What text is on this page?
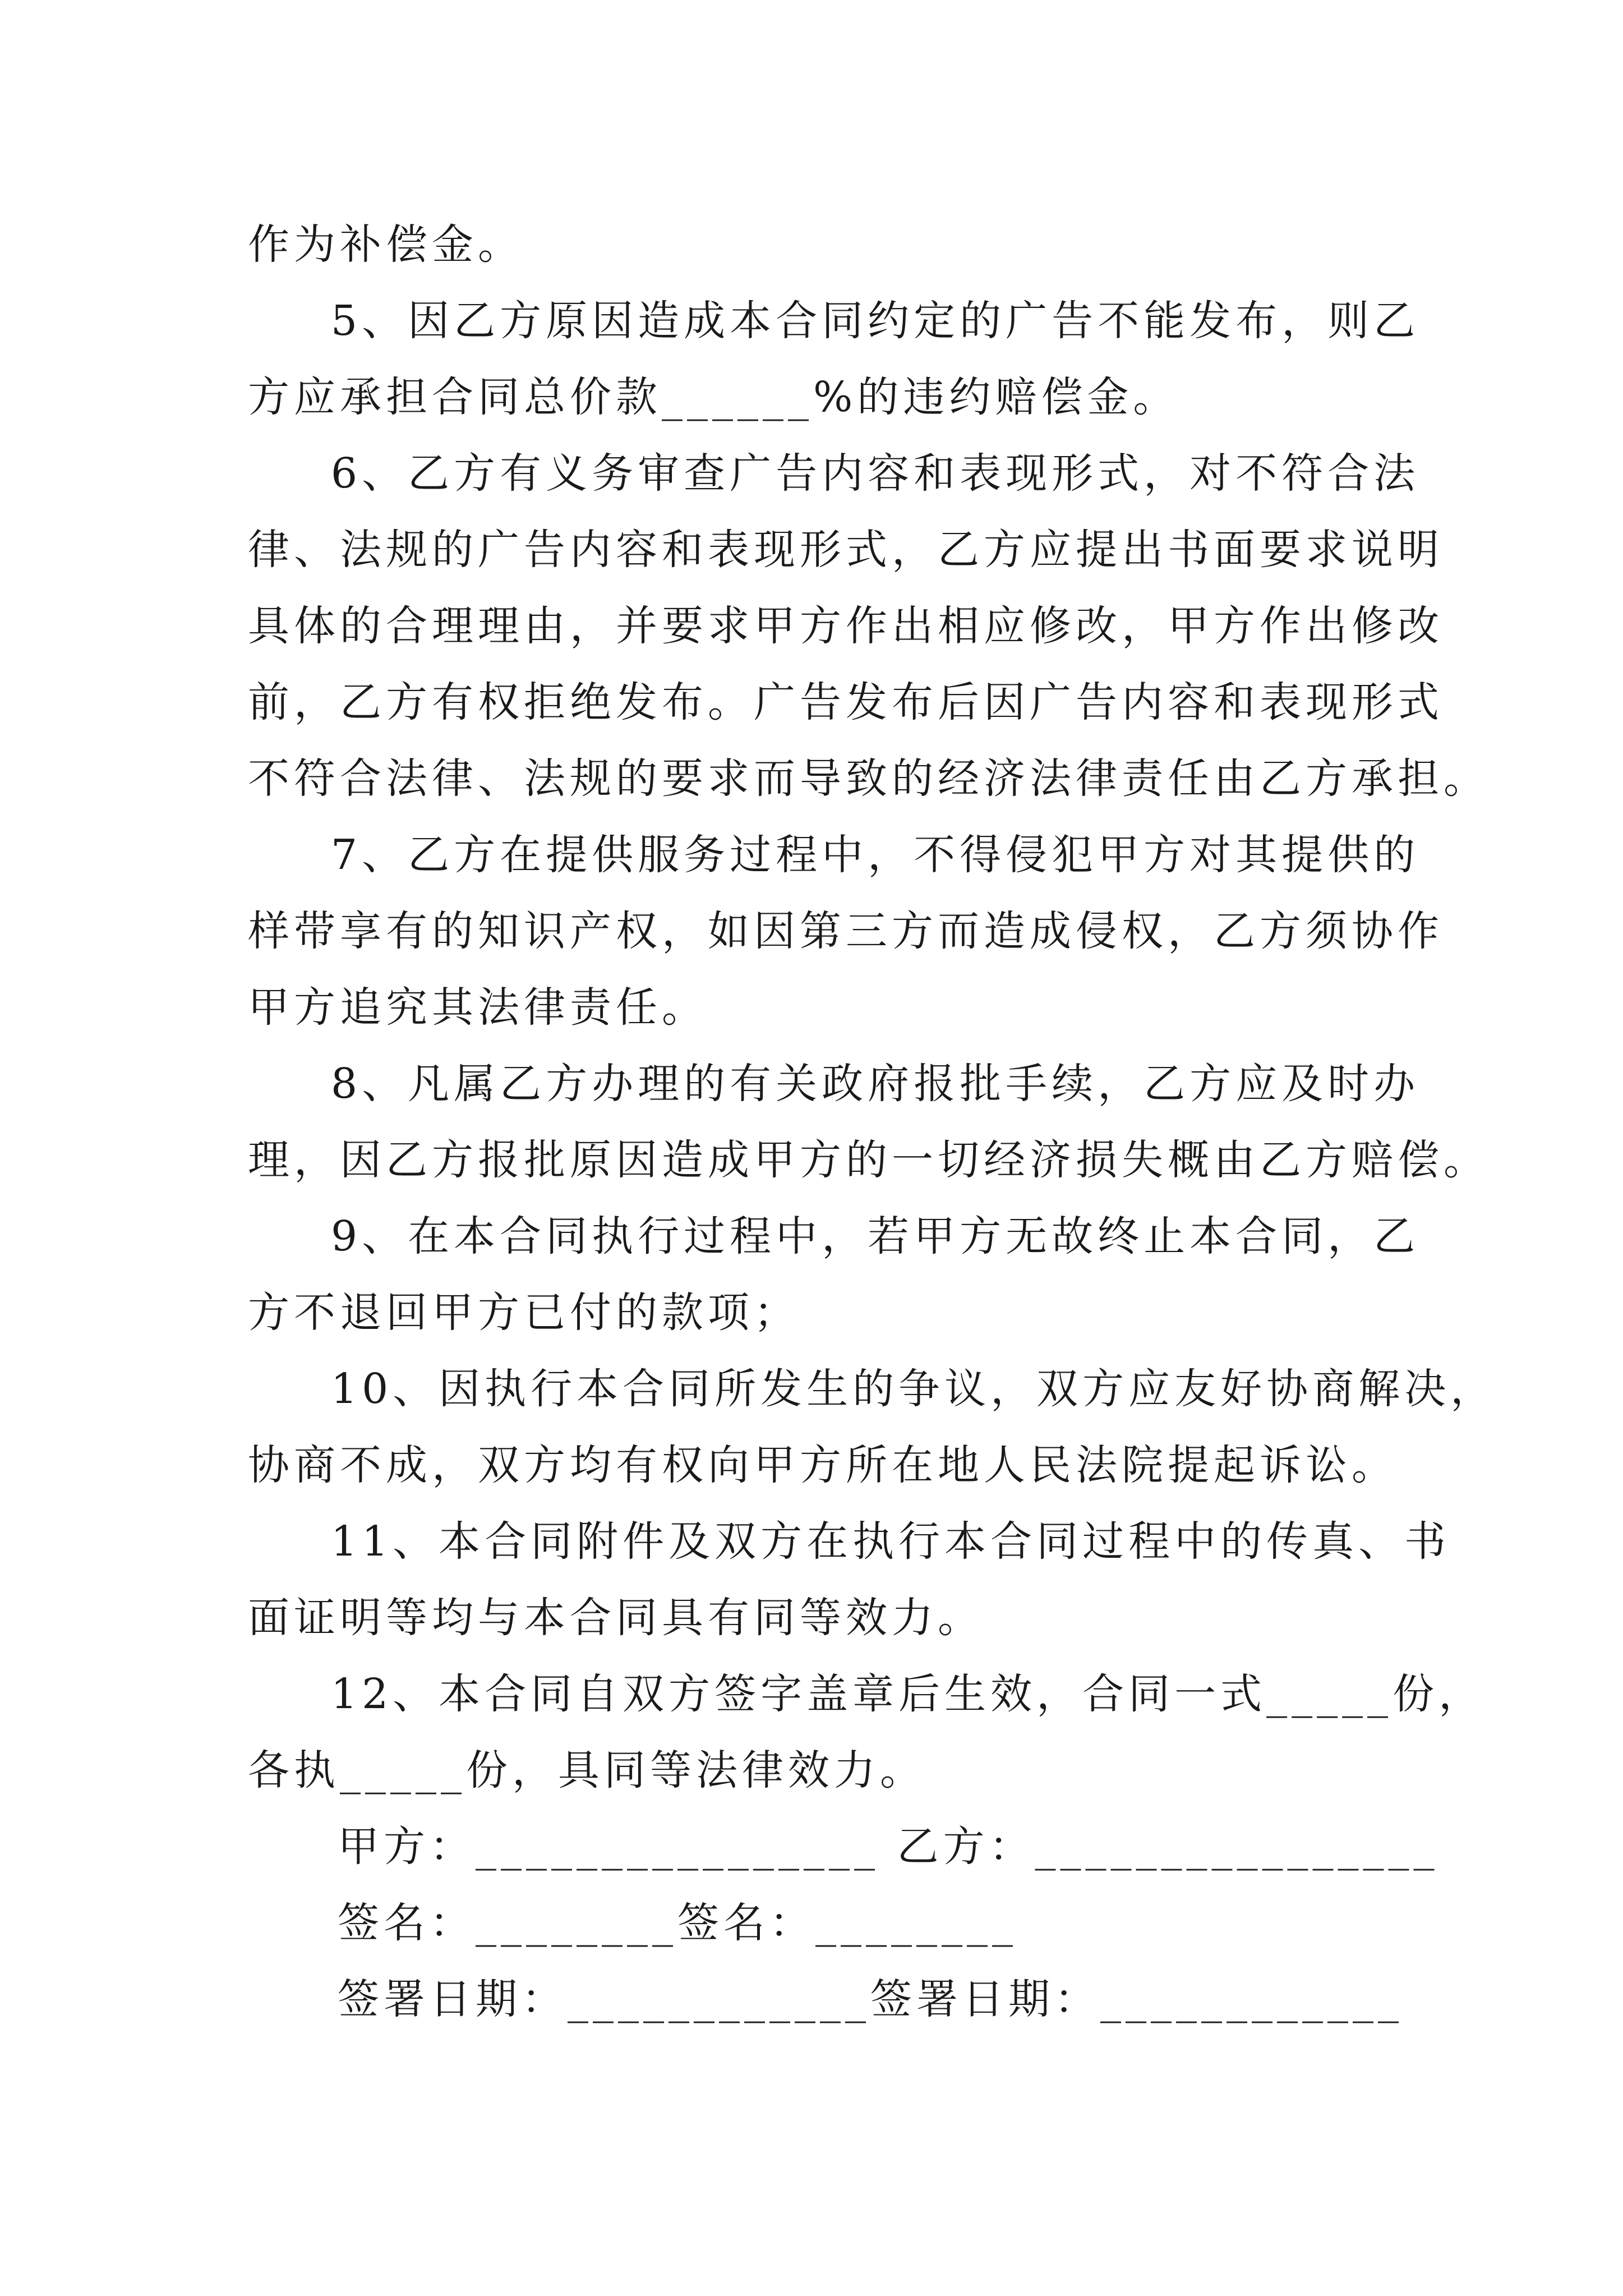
作为补偿金。
5、因乙方原因造成本合同约定的广告不能发布，则乙
方应承担合同总价款______%的违约赔偿金。
6、乙方有义务审查广告内容和表现形式，对不符合法
律、法规的广告内容和表现形式，乙方应提出书面要求说明
具体的合理理由，并要求甲方作出相应修改，甲方作出修改
前，乙方有权拒绝发布。广告发布后因广告内容和表现形式
不符合法律、法规的要求而导致的经济法律责任由乙方承担。
7、乙方在提供服务过程中，不得侵犯甲方对其提供的
样带享有的知识产权，如因第三方而造成侵权，乙方须协作
甲方追究其法律责任。
8、凡属乙方办理的有关政府报批手续，乙方应及时办
理，因乙方报批原因造成甲方的一切经济损失概由乙方赔偿。
9、在本合同执行过程中，若甲方无故终止本合同，乙
方不退回甲方已付的款项；
10、因执行本合同所发生的争议，双方应友好协商解决，
协商不成，双方均有权向甲方所在地人民法院提起诉讼。
11、本合同附件及双方在执行本合同过程中的传真、书
面证明等均与本合同具有同等效力。
12、本合同自双方签字盖章后生效，合同一式_____份，
各执_____份，具同等法律效力。
甲方：________________ 乙方：________________
签名：________签名：________
签署日期：____________签署日期：____________
